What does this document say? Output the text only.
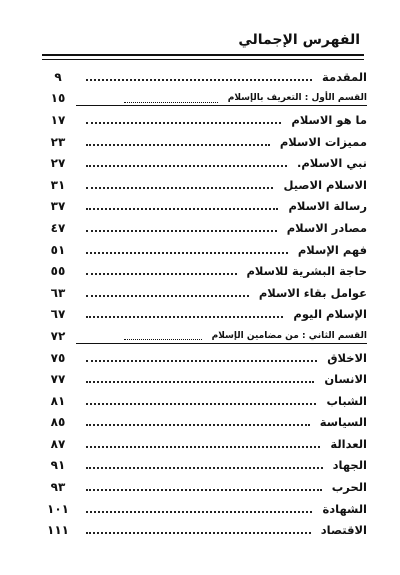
الفهرس الإجمالي
المقدمة
٩
القسم الأول : التعريف بالإسلام
١٥
ما هو الاسلام
١٧
مميزات الاسلام
٢٣
نبي الاسلام.
٢٧
الاسلام الاصيل
٣١
رسالة الاسلام
٣٧
مصادر الاسلام
٤٧
فهم الإسلام
٥١
حاجة البشرية للاسلام
٥٥
عوامل بقاء الاسلام
٦٣
الإسلام اليوم
٦٧
القسم الثاني : من مضامين الإسلام
٧٢
الاخلاق
٧٥
الانسان
٧٧
الشباب
٨١
السياسة
٨٥
العدالة
٨٧
الجهاد
٩١
الحرب
٩٣
الشهادة
١٠١
الاقتصاد
١١١
